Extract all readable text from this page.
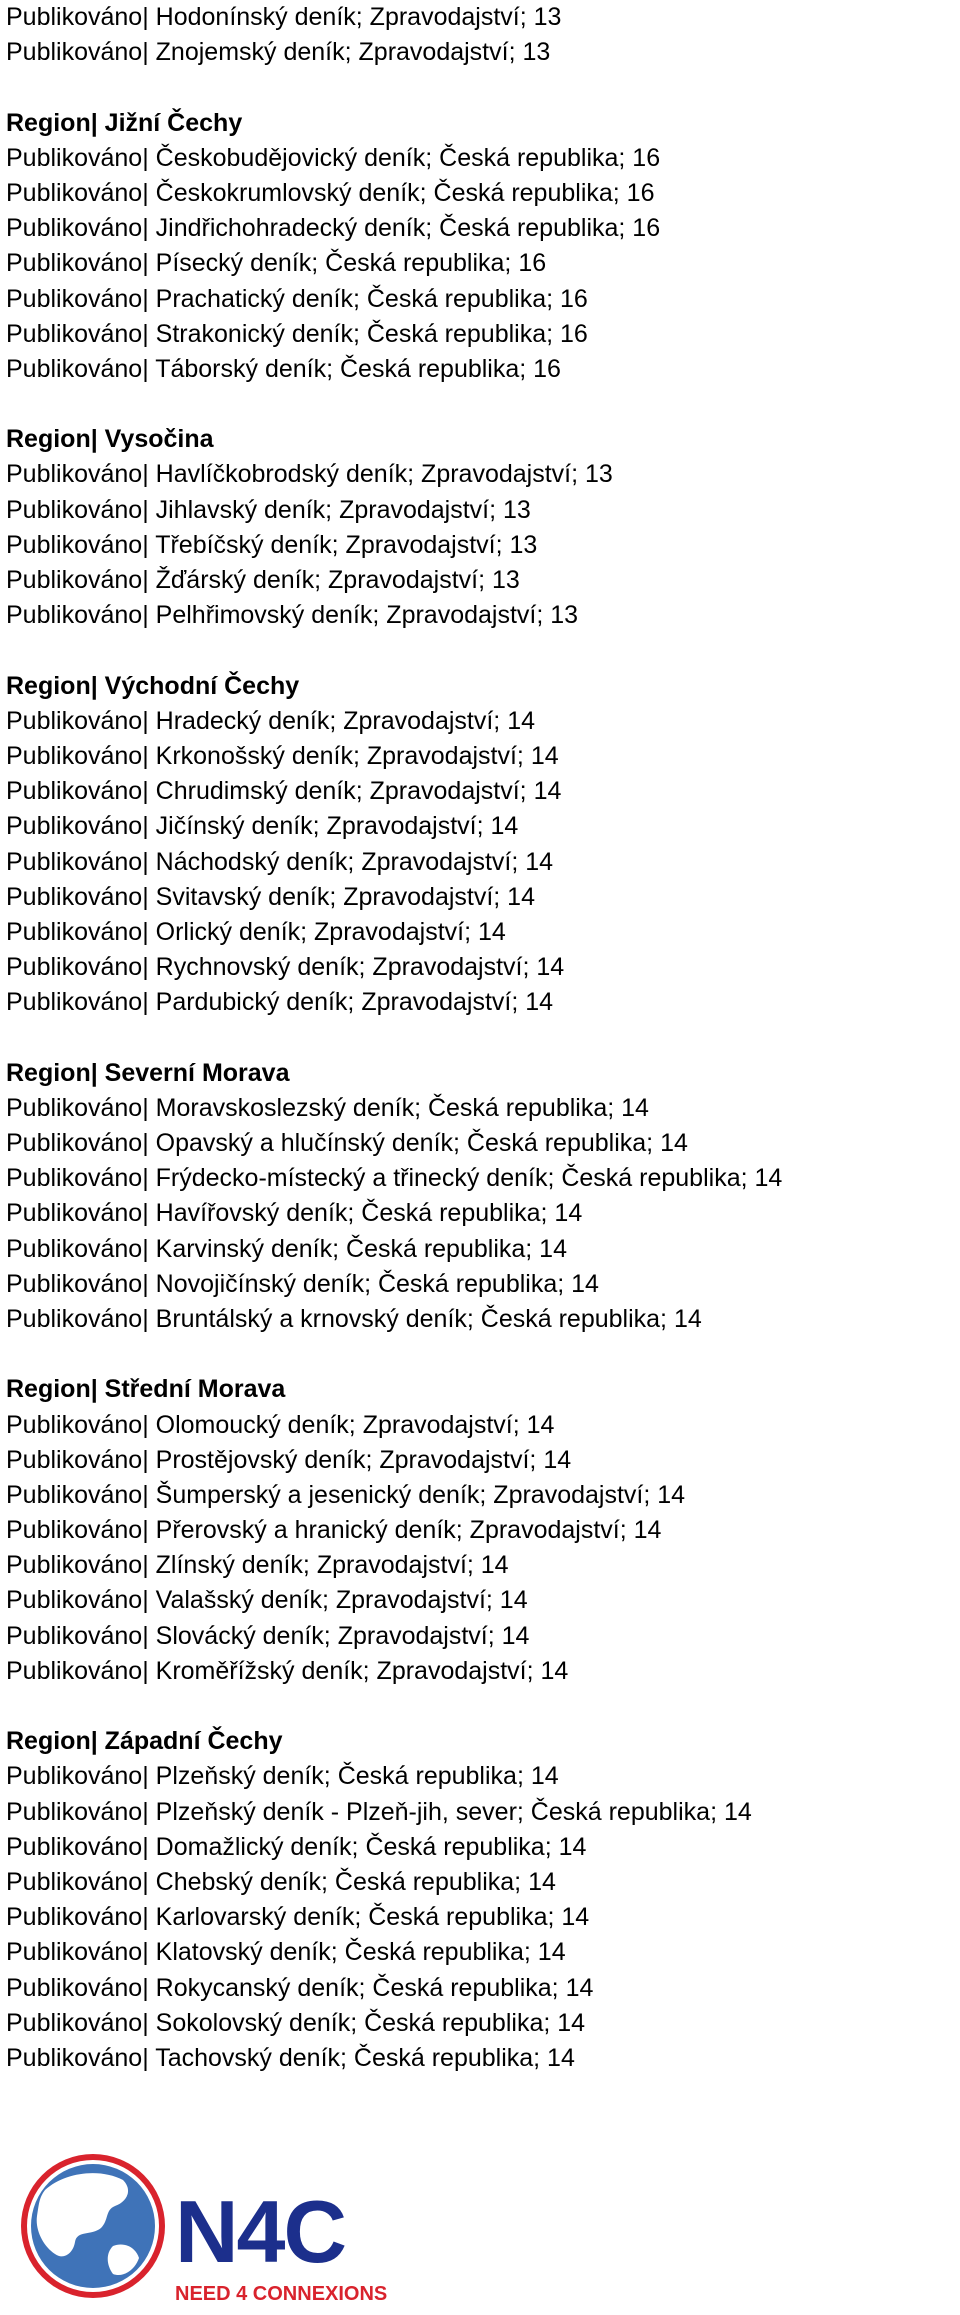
Publikováno| Hodonínský deník; Zpravodajství; 13
Publikováno| Znojemský deník; Zpravodajství; 13
Region| Jižní Čechy
Publikováno| Českobudějovický deník; Česká republika; 16
Publikováno| Českokrumlovský deník; Česká republika; 16
Publikováno| Jindřichohradecký deník; Česká republika; 16
Publikováno| Písecký deník; Česká republika; 16
Publikováno| Prachatický deník; Česká republika; 16
Publikováno| Strakonický deník; Česká republika; 16
Publikováno| Táborský deník; Česká republika; 16
Region| Vysočina
Publikováno| Havlíčkobrodský deník; Zpravodajství; 13
Publikováno| Jihlavský deník; Zpravodajství; 13
Publikováno| Třebíčský deník; Zpravodajství; 13
Publikováno| Žďárský deník; Zpravodajství; 13
Publikováno| Pelhřimovský deník; Zpravodajství; 13
Region| Východní Čechy
Publikováno| Hradecký deník; Zpravodajství; 14
Publikováno| Krkonošský deník; Zpravodajství; 14
Publikováno| Chrudimský deník; Zpravodajství; 14
Publikováno| Jičínský deník; Zpravodajství; 14
Publikováno| Náchodský deník; Zpravodajství; 14
Publikováno| Svitavský deník; Zpravodajství; 14
Publikováno| Orlický deník; Zpravodajství; 14
Publikováno| Rychnovský deník; Zpravodajství; 14
Publikováno| Pardubický deník; Zpravodajství; 14
Region| Severní Morava
Publikováno| Moravskoslezský deník; Česká republika; 14
Publikováno| Opavský a hlučínský deník; Česká republika; 14
Publikováno| Frýdecko-místecký a třinecký deník; Česká republika; 14
Publikováno| Havířovský deník; Česká republika; 14
Publikováno| Karvinský deník; Česká republika; 14
Publikováno| Novojičínský deník; Česká republika; 14
Publikováno| Bruntálský a krnovský deník; Česká republika; 14
Region| Střední Morava
Publikováno| Olomoucký deník; Zpravodajství; 14
Publikováno| Prostějovský deník; Zpravodajství; 14
Publikováno| Šumperský a jesenický deník; Zpravodajství; 14
Publikováno| Přerovský a hranický deník; Zpravodajství; 14
Publikováno| Zlínský deník; Zpravodajství; 14
Publikováno| Valašský deník; Zpravodajství; 14
Publikováno| Slovácký deník; Zpravodajství; 14
Publikováno| Kroměřížský deník; Zpravodajství; 14
Region| Západní Čechy
Publikováno| Plzeňský deník; Česká republika; 14
Publikováno| Plzeňský deník - Plzeň-jih, sever; Česká republika; 14
Publikováno| Domažlický deník; Česká republika; 14
Publikováno| Chebský deník; Česká republika; 14
Publikováno| Karlovarský deník; Česká republika; 14
Publikováno| Klatovský deník; Česká republika; 14
Publikováno| Rokycanský deník; Česká republika; 14
Publikováno| Sokolovský deník; Česká republika; 14
Publikováno| Tachovský deník; Česká republika; 14
N4C
NEED 4 CONNEXIONS
